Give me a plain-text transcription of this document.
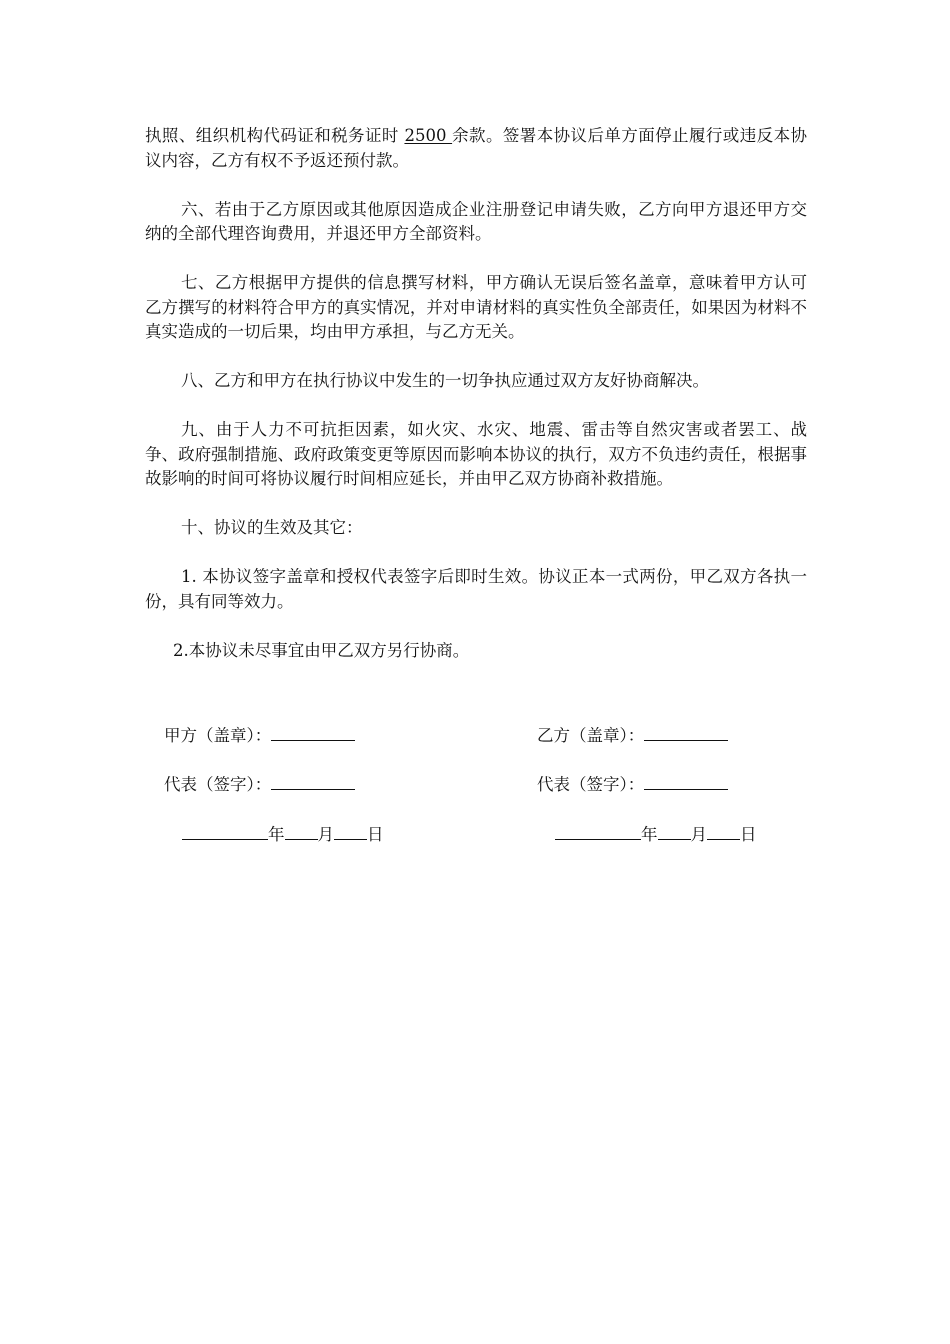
执照、组织机构代码证和税务证时 2500 余款。签署本协议后单方面停止履行或违反本协议内容，乙方有权不予返还预付款。

六、若由于乙方原因或其他原因造成企业注册登记申请失败，乙方向甲方退还甲方交纳的全部代理咨询费用，并退还甲方全部资料。

七、乙方根据甲方提供的信息撰写材料，甲方确认无误后签名盖章，意味着甲方认可乙方撰写的材料符合甲方的真实情况，并对申请材料的真实性负全部责任，如果因为材料不真实造成的一切后果，均由甲方承担，与乙方无关。

八、乙方和甲方在执行协议中发生的一切争执应通过双方友好协商解决。

九、由于人力不可抗拒因素，如火灾、水灾、地震、雷击等自然灾害或者罢工、战争、政府强制措施、政府政策变更等原因而影响本协议的执行，双方不负违约责任，根据事故影响的时间可将协议履行时间相应延长，并由甲乙双方协商补救措施。

十、协议的生效及其它：

1. 本协议签字盖章和授权代表签字后即时生效。协议正本一式两份，甲乙双方各执一份，具有同等效力。

2.本协议未尽事宜由甲乙双方另行协商。

甲方（盖章）：	乙方（盖章）：
代表（签字）：	代表（签字）：
年 月 日	年 月 日
